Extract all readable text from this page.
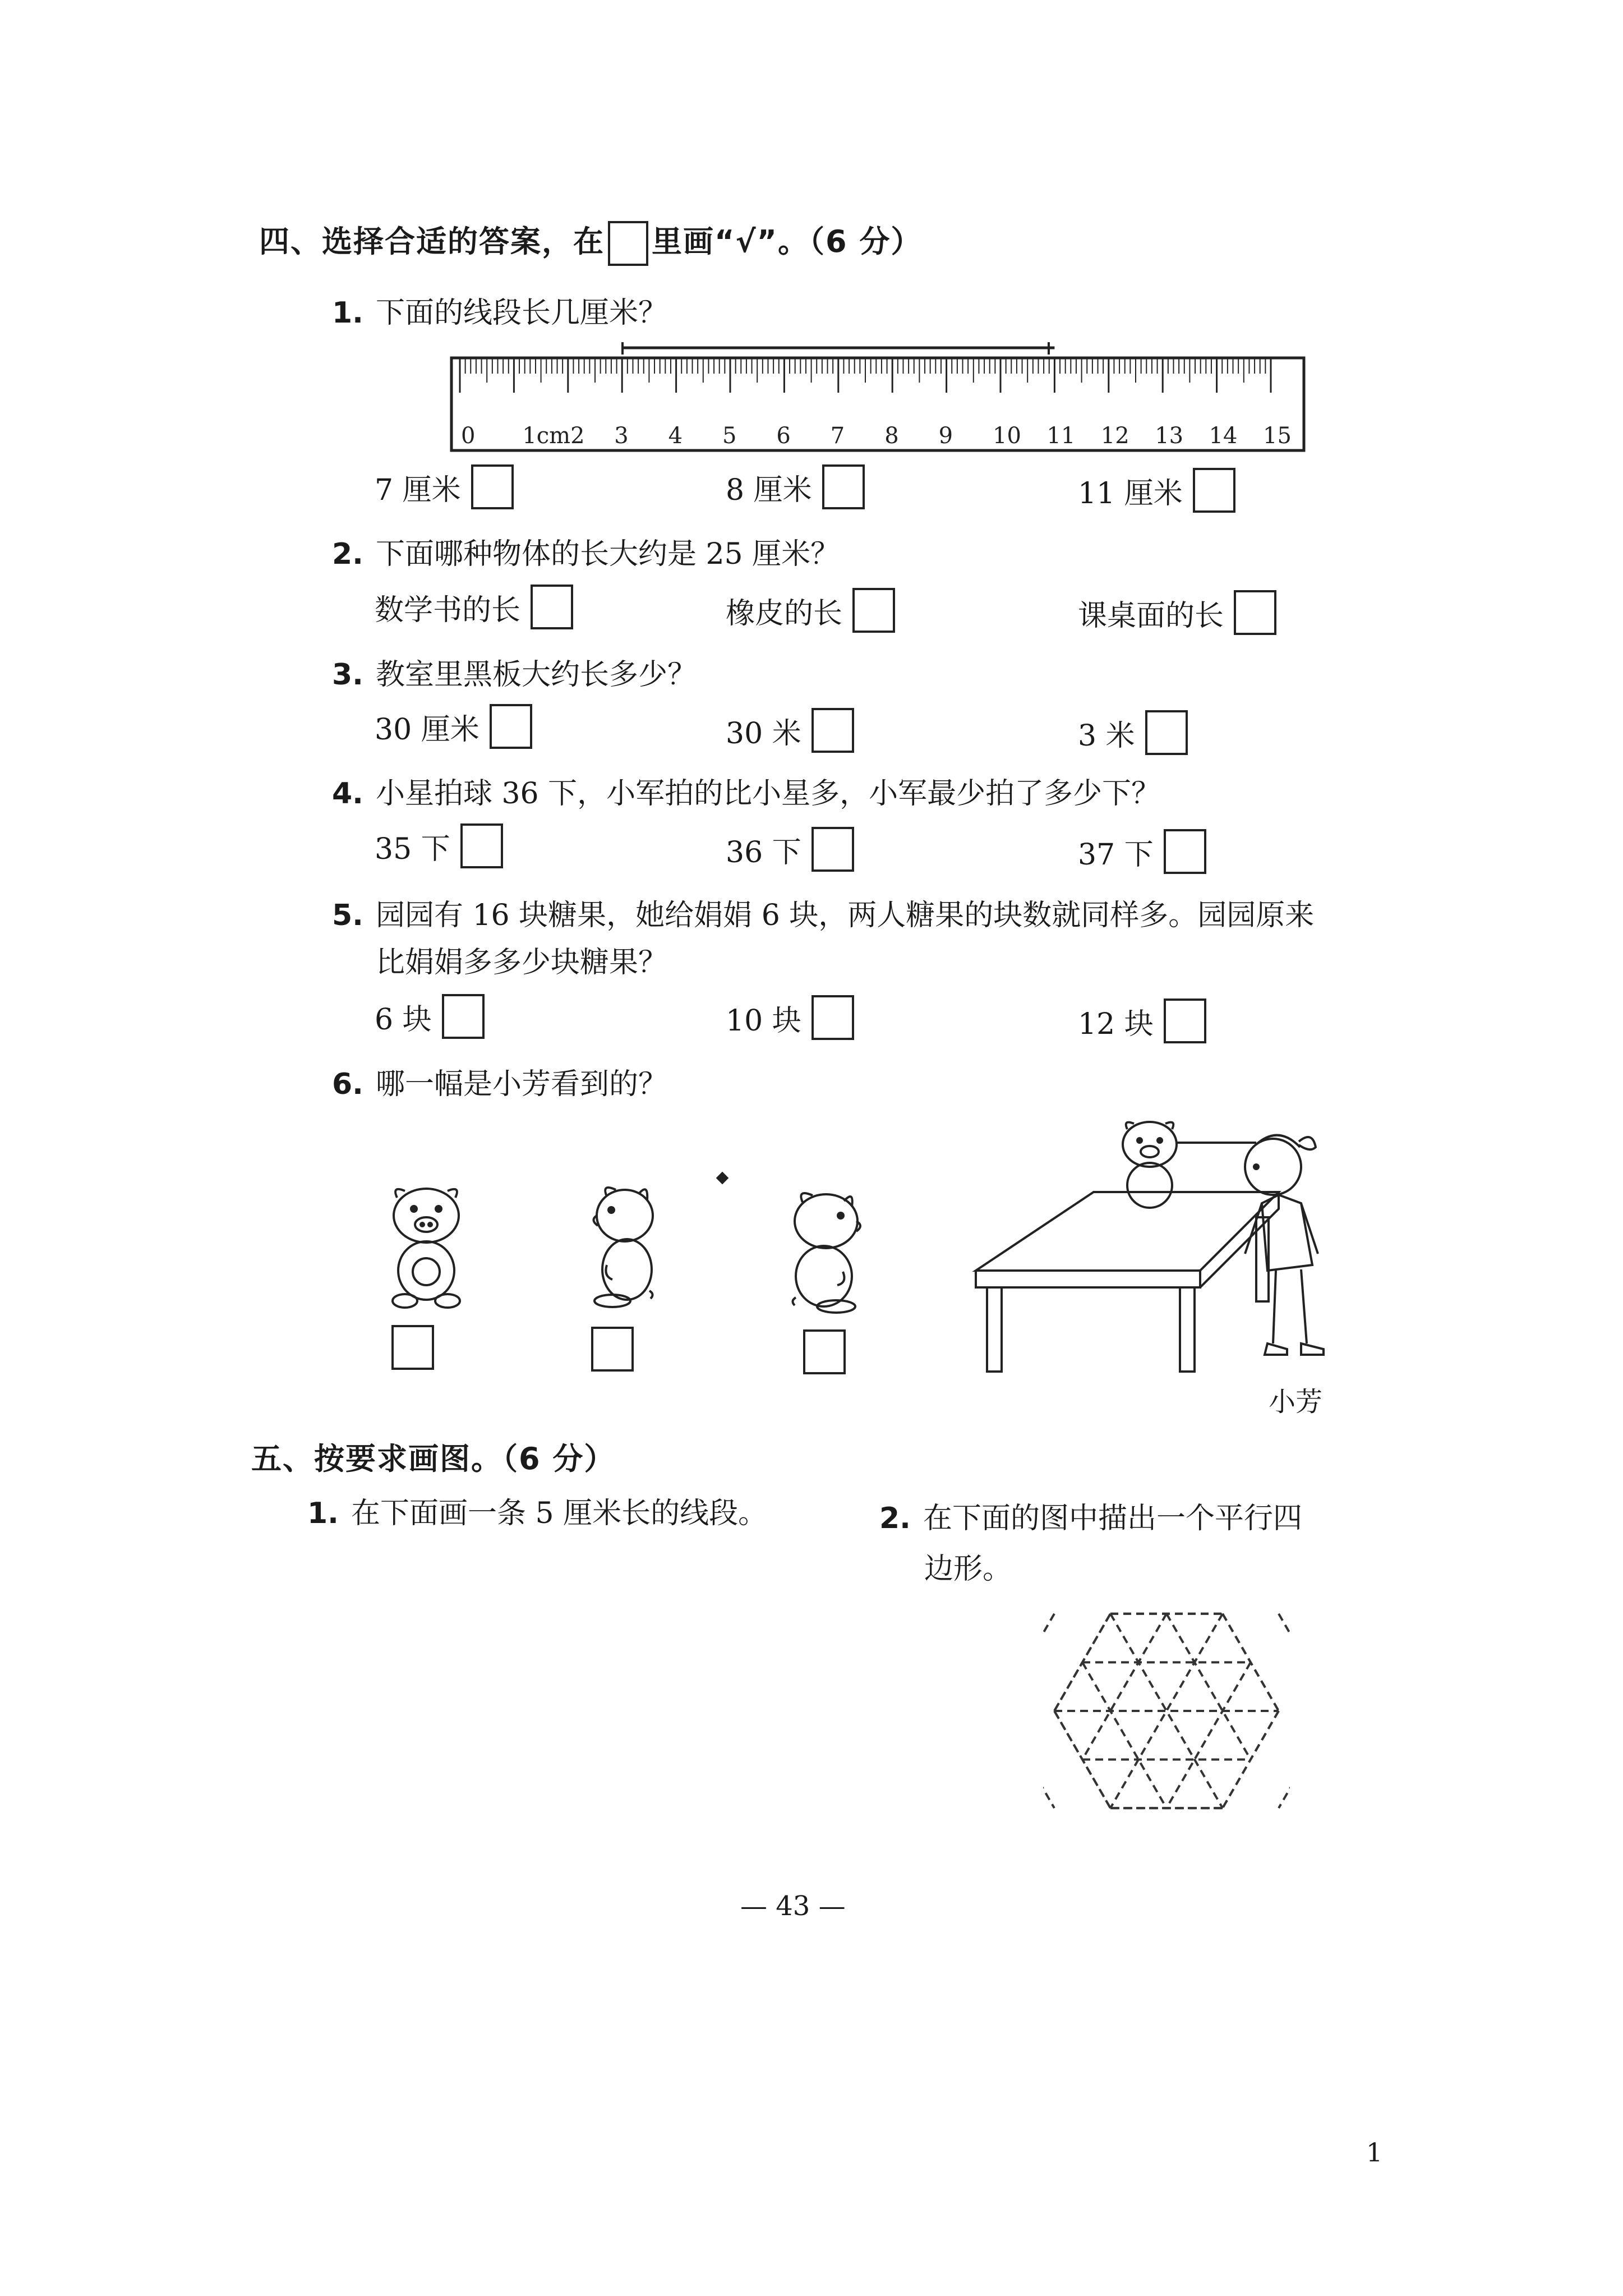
四、选择合适的答案，在 里画“√”。（6 分）
1. 下面的线段长几厘米？
0 1cm2 3 4 5 6 7 8 9 10 11 12 13 14 15
7 厘米	8 厘米	11 厘米
2. 下面哪种物体的长大约是 25 厘米？
数学书的长	橡皮的长	课桌面的长
3. 教室里黑板大约长多少？
30 厘米	30 米	3 米
4. 小星拍球 36 下，小军拍的比小星多，小军最少拍了多少下？
35 下	36 下	37 下
5. 园园有 16 块糖果，她给娟娟 6 块，两人糖果的块数就同样多。园园原来
比娟娟多多少块糖果？
6 块	10 块	12 块
6. 哪一幅是小芳看到的？
小芳
五、按要求画图。（6 分）
1. 在下面画一条 5 厘米长的线段。	2. 在下面的图中描出一个平行四
边形。
— 43 —
1
